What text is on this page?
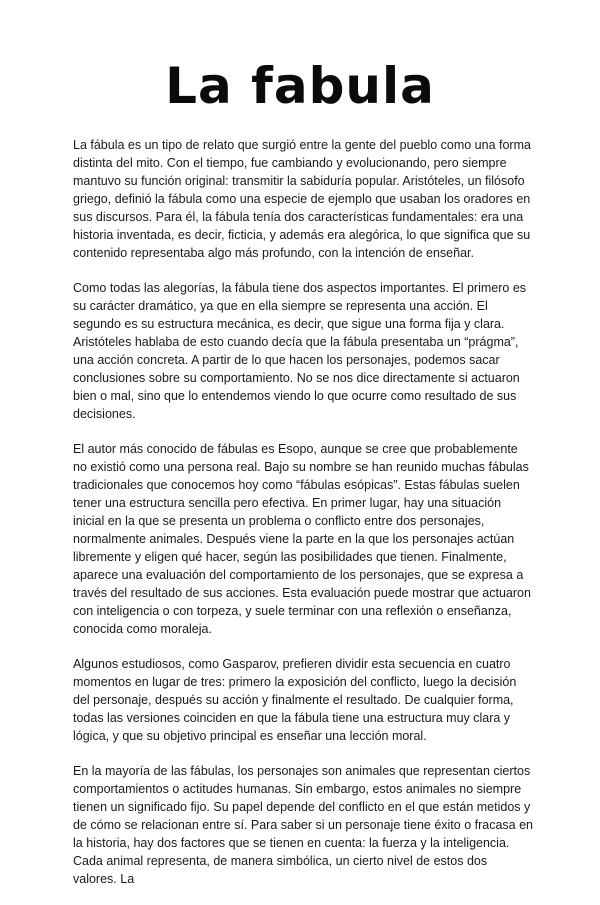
La fabula

La fábula es un tipo de relato que surgió entre la gente del pueblo como una forma distinta del mito. Con el tiempo, fue cambiando y evolucionando, pero siempre mantuvo su función original: transmitir la sabiduría popular. Aristóteles, un filósofo griego, definió la fábula como una especie de ejemplo que usaban los oradores en sus discursos. Para él, la fábula tenía dos características fundamentales: era una historia inventada, es decir, ficticia, y además era alegórica, lo que significa que su contenido representaba algo más profundo, con la intención de enseñar.

Como todas las alegorías, la fábula tiene dos aspectos importantes. El primero es su carácter dramático, ya que en ella siempre se representa una acción. El segundo es su estructura mecánica, es decir, que sigue una forma fija y clara. Aristóteles hablaba de esto cuando decía que la fábula presentaba un “prágma”, una acción concreta. A partir de lo que hacen los personajes, podemos sacar conclusiones sobre su comportamiento. No se nos dice directamente si actuaron bien o mal, sino que lo entendemos viendo lo que ocurre como resultado de sus decisiones.

El autor más conocido de fábulas es Esopo, aunque se cree que probablemente no existió como una persona real. Bajo su nombre se han reunido muchas fábulas tradicionales que conocemos hoy como “fábulas esópicas”. Estas fábulas suelen tener una estructura sencilla pero efectiva. En primer lugar, hay una situación inicial en la que se presenta un problema o conflicto entre dos personajes, normalmente animales. Después viene la parte en la que los personajes actúan libremente y eligen qué hacer, según las posibilidades que tienen. Finalmente, aparece una evaluación del comportamiento de los personajes, que se expresa a través del resultado de sus acciones. Esta evaluación puede mostrar que actuaron con inteligencia o con torpeza, y suele terminar con una reflexión o enseñanza, conocida como moraleja.

Algunos estudiosos, como Gasparov, prefieren dividir esta secuencia en cuatro momentos en lugar de tres: primero la exposición del conflicto, luego la decisión del personaje, después su acción y finalmente el resultado. De cualquier forma, todas las versiones coinciden en que la fábula tiene una estructura muy clara y lógica, y que su objetivo principal es enseñar una lección moral.

En la mayoría de las fábulas, los personajes son animales que representan ciertos comportamientos o actitudes humanas. Sin embargo, estos animales no siempre tienen un significado fijo. Su papel depende del conflicto en el que están metidos y de cómo se relacionan entre sí. Para saber si un personaje tiene éxito o fracasa en la historia, hay dos factores que se tienen en cuenta: la fuerza y la inteligencia. Cada animal representa, de manera simbólica, un cierto nivel de estos dos valores. La
